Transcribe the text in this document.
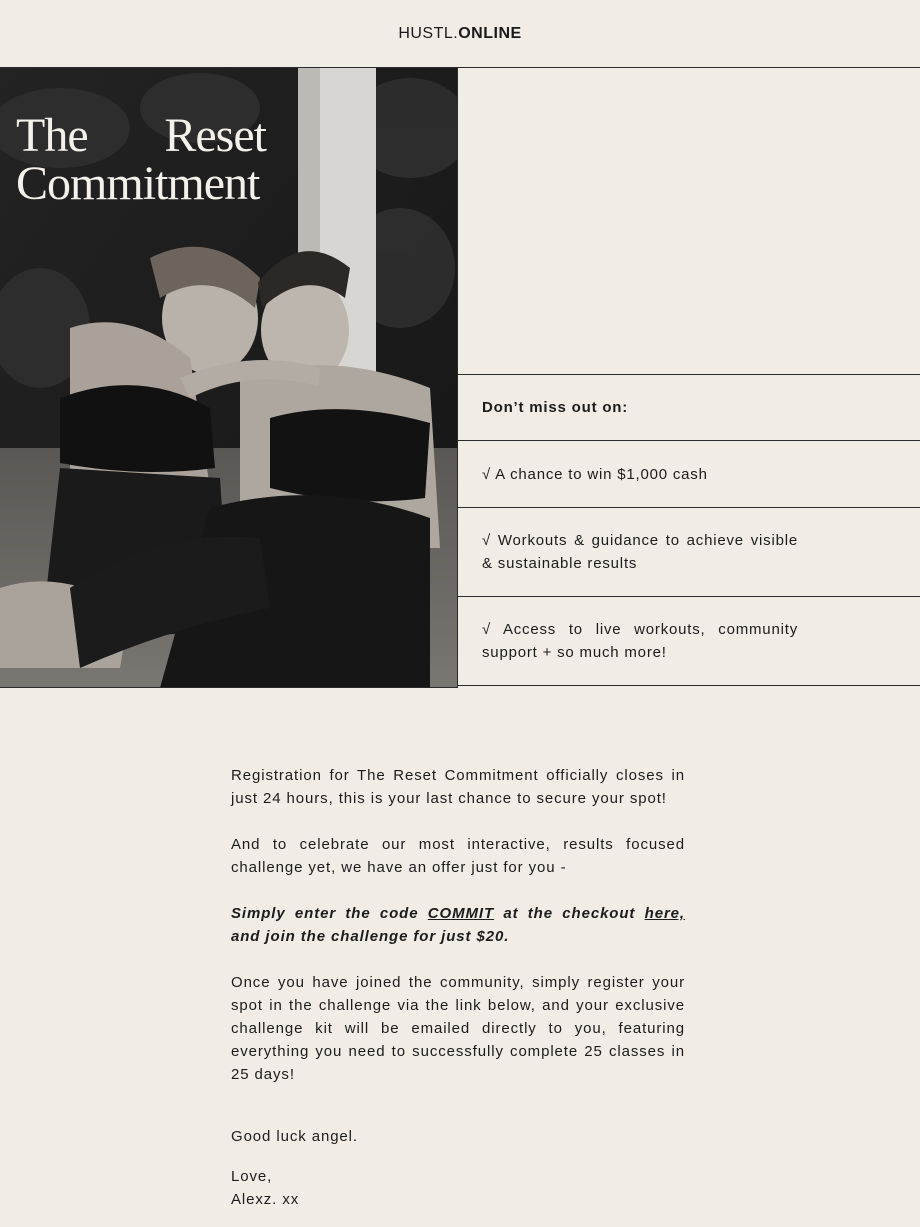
HUSTL.ONLINE
The Reset
Commitment
Don’t miss out on:
√ A chance to win $1,000 cash
√ Workouts & guidance to achieve visible & sustainable results
√ Access to live workouts, community support + so much more!

Registration for The Reset Commitment officially closes in just 24 hours, this is your last chance to secure your spot!

And to celebrate our most interactive, results focused challenge yet, we have an offer just for you -

Simply enter the code COMMIT at the checkout here, and join the challenge for just $20.

Once you have joined the community, simply register your spot in the challenge via the link below, and your exclusive challenge kit will be emailed directly to you, featuring everything you need to successfully complete 25 classes in 25 days!

Good luck angel.

Love,

Alexz. xx
